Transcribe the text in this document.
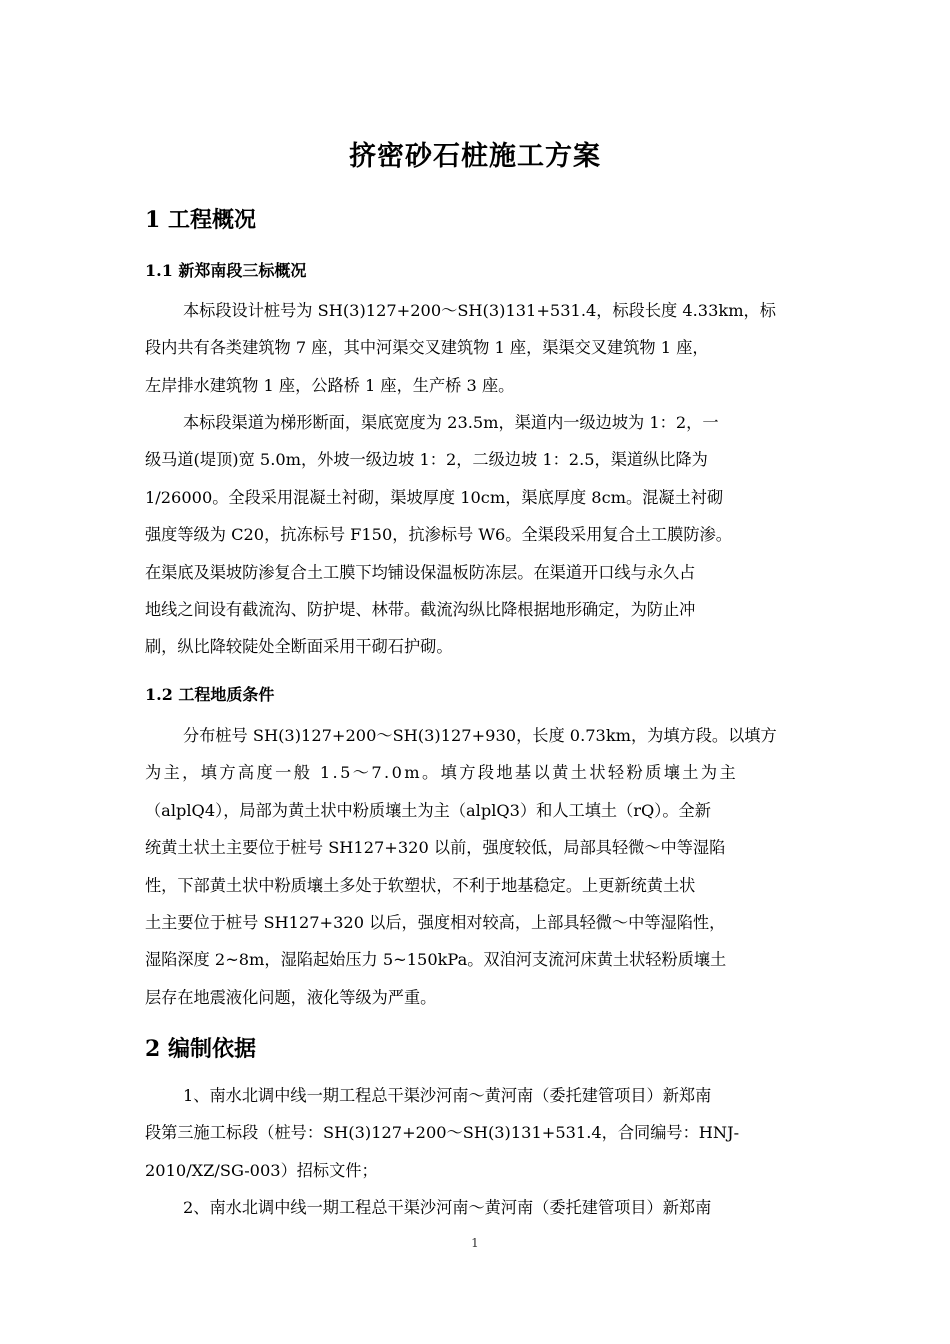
挤密砂石桩施工方案
1 工程概况
1.1 新郑南段三标概况
本标段设计桩号为 SH(3)127+200～SH(3)131+531.4，标段长度 4.33km，标
段内共有各类建筑物 7 座，其中河渠交叉建筑物 1 座，渠渠交叉建筑物 1 座，
左岸排水建筑物 1 座，公路桥 1 座，生产桥 3 座。
本标段渠道为梯形断面，渠底宽度为 23.5m，渠道内一级边坡为 1：2，一
级马道(堤顶)宽 5.0m，外坡一级边坡 1：2，二级边坡 1：2.5，渠道纵比降为
1/26000。全段采用混凝土衬砌，渠坡厚度 10cm，渠底厚度 8cm。混凝土衬砌
强度等级为 C20，抗冻标号 F150，抗渗标号 W6。全渠段采用复合土工膜防渗。
在渠底及渠坡防渗复合土工膜下均铺设保温板防冻层。在渠道开口线与永久占
地线之间设有截流沟、防护堤、林带。截流沟纵比降根据地形确定，为防止冲
刷，纵比降较陡处全断面采用干砌石护砌。
1.2 工程地质条件
分布桩号 SH(3)127+200～SH(3)127+930，长度 0.73km，为填方段。以填方
为主，填方高度一般 1.5～7.0m。填方段地基以黄土状轻粉质壤土为主
（alplQ4），局部为黄土状中粉质壤土为主（alplQ3）和人工填土（rQ）。全新
统黄土状土主要位于桩号 SH127+320 以前，强度较低，局部具轻微～中等湿陷
性，下部黄土状中粉质壤土多处于软塑状，不利于地基稳定。上更新统黄土状
土主要位于桩号 SH127+320 以后，强度相对较高，上部具轻微～中等湿陷性，
湿陷深度 2~8m，湿陷起始压力 5~150kPa。双洎河支流河床黄土状轻粉质壤土
层存在地震液化问题，液化等级为严重。
2 编制依据
1、南水北调中线一期工程总干渠沙河南～黄河南（委托建管项目）新郑南
段第三施工标段（桩号：SH(3)127+200～SH(3)131+531.4，合同编号：HNJ-
2010/XZ/SG-003）招标文件；
2、南水北调中线一期工程总干渠沙河南～黄河南（委托建管项目）新郑南
1
